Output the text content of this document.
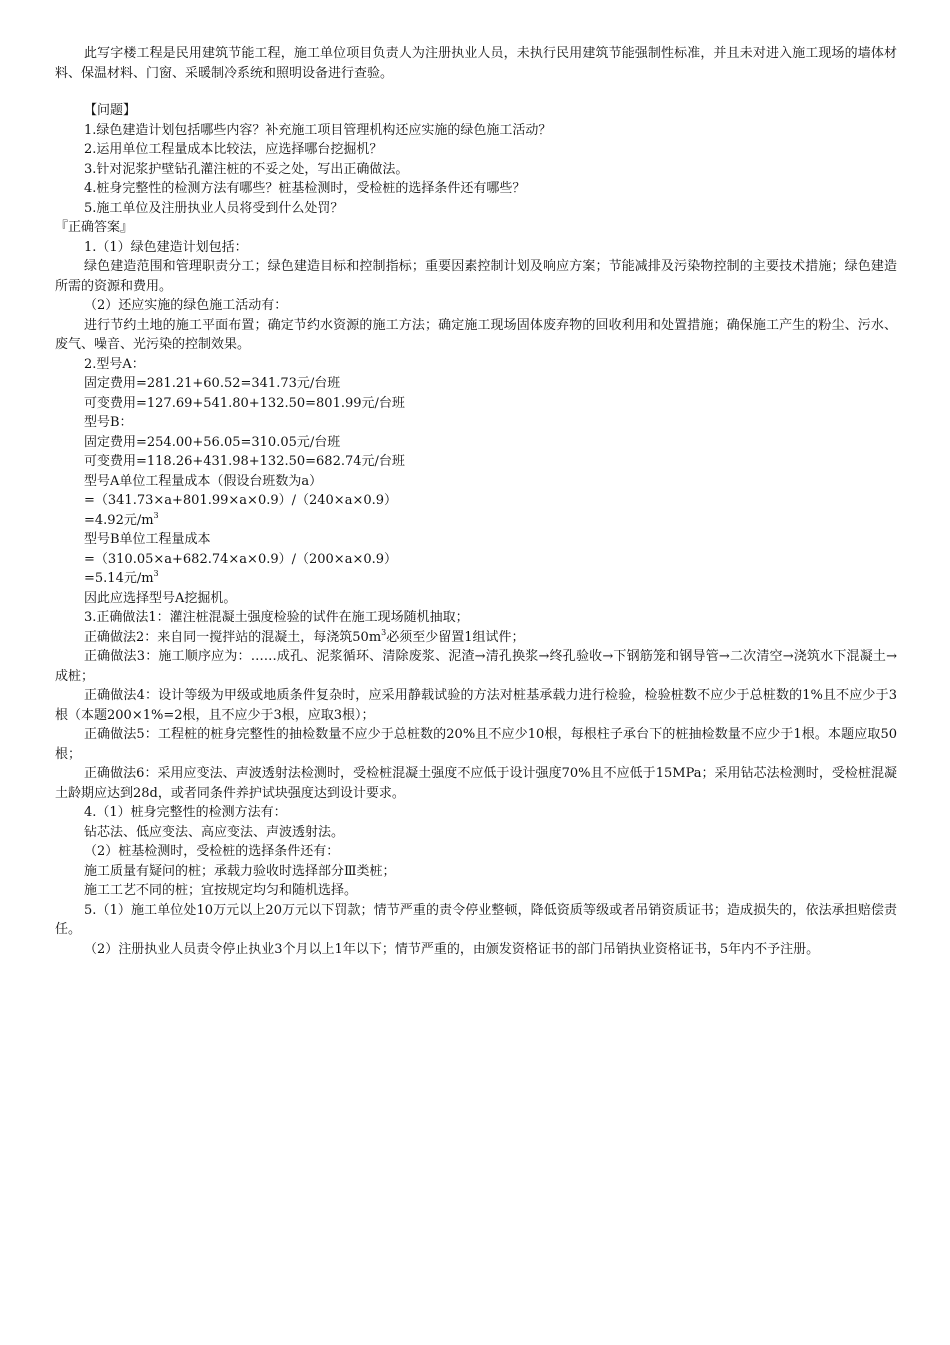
此写字楼工程是民用建筑节能工程，施工单位项目负责人为注册执业人员，未执行民用建筑节能强制性标准，并且未对进入施工现场的墙体材料、保温材料、门窗、采暖制冷系统和照明设备进行查验。

【问题】

1.绿色建造计划包括哪些内容？补充施工项目管理机构还应实施的绿色施工活动？

2.运用单位工程量成本比较法，应选择哪台挖掘机？

3.针对泥浆护壁钻孔灌注桩的不妥之处，写出正确做法。

4.桩身完整性的检测方法有哪些？桩基检测时，受检桩的选择条件还有哪些？

5.施工单位及注册执业人员将受到什么处罚？

『正确答案』

1.（1）绿色建造计划包括：

绿色建造范围和管理职责分工；绿色建造目标和控制指标；重要因素控制计划及响应方案；节能减排及污染物控制的主要技术措施；绿色建造所需的资源和费用。

（2）还应实施的绿色施工活动有：

进行节约土地的施工平面布置；确定节约水资源的施工方法；确定施工现场固体废弃物的回收利用和处置措施；确保施工产生的粉尘、污水、废气、噪音、光污染的控制效果。

2.型号A：

固定费用=281.21+60.52=341.73元/台班

可变费用=127.69+541.80+132.50=801.99元/台班

型号B：

固定费用=254.00+56.05=310.05元/台班

可变费用=118.26+431.98+132.50=682.74元/台班

型号A单位工程量成本（假设台班数为a）

=（341.73×a+801.99×a×0.9）/（240×a×0.9）

=4.92元$/m^3$

型号B单位工程量成本

=（310.05×a+682.74×a×0.9）/（200×a×0.9）

=5.14元$/m^3$

因此应选择型号A挖掘机。

3.正确做法1：灌注桩混凝土强度检验的试件在施工现场随机抽取；

正确做法2：来自同一搅拌站的混凝土，每浇筑$50m^3$必须至少留置1组试件；

正确做法3：施工顺序应为：……成孔、泥浆循环、清除废浆、泥渣→清孔换浆→终孔验收→下钢筋笼和钢导管→二次清空→浇筑水下混凝土→成桩；

正确做法4：设计等级为甲级或地质条件复杂时，应采用静载试验的方法对桩基承载力进行检验，检验桩数不应少于总桩数的1%且不应少于3根（本题200×1%=2根，且不应少于3根，应取3根）；

正确做法5：工程桩的桩身完整性的抽检数量不应少于总桩数的20%且不应少10根，每根柱子承台下的桩抽检数量不应少于1根。本题应取50根；

正确做法6：采用应变法、声波透射法检测时，受检桩混凝土强度不应低于设计强度70%且不应低于15MPa；采用钻芯法检测时，受检桩混凝土龄期应达到28d，或者同条件养护试块强度达到设计要求。

4.（1）桩身完整性的检测方法有：

钻芯法、低应变法、高应变法、声波透射法。

（2）桩基检测时，受检桩的选择条件还有：

施工质量有疑问的桩；承载力验收时选择部分Ⅲ类桩；

施工工艺不同的桩；宜按规定均匀和随机选择。

5.（1）施工单位处10万元以上20万元以下罚款；情节严重的责令停业整顿，降低资质等级或者吊销资质证书；造成损失的，依法承担赔偿责任。

（2）注册执业人员责令停止执业3个月以上1年以下；情节严重的，由颁发资格证书的部门吊销执业资格证书，5年内不予注册。
